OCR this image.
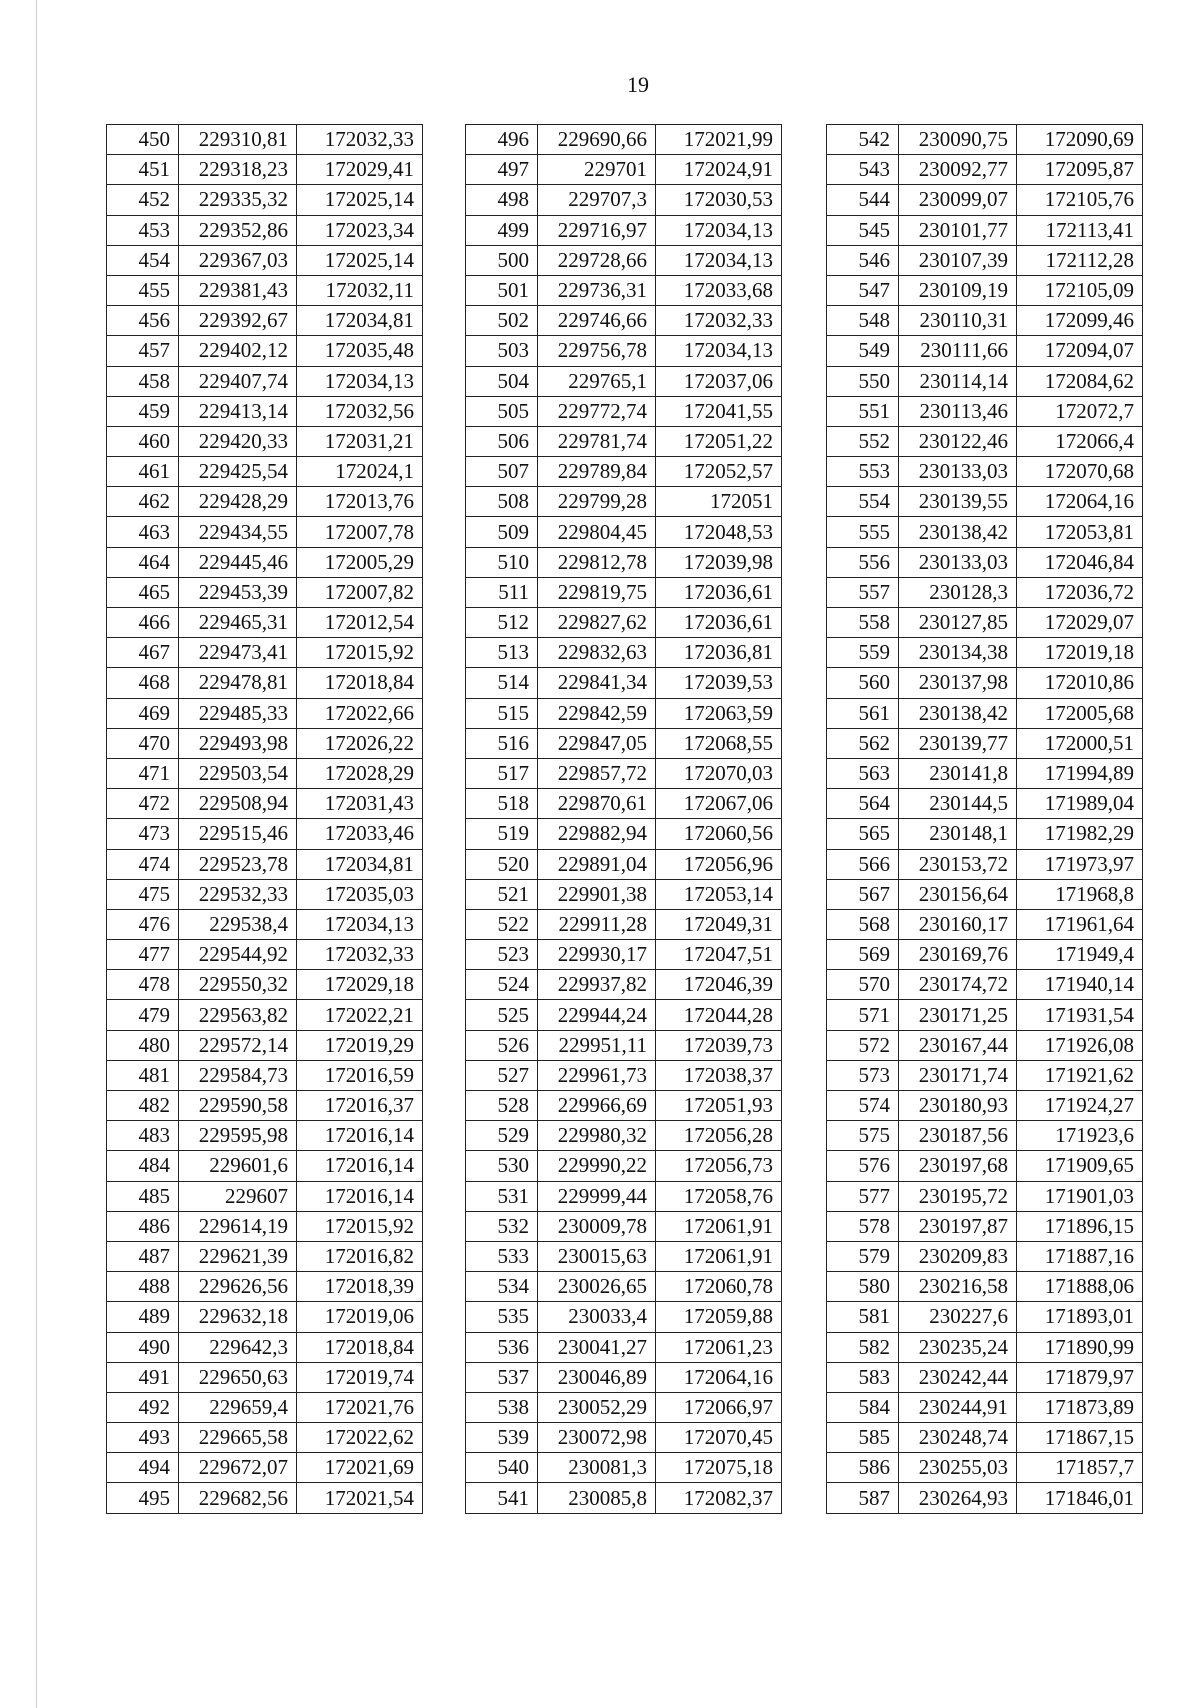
19
450	229310,81	172032,33
451	229318,23	172029,41
452	229335,32	172025,14
453	229352,86	172023,34
454	229367,03	172025,14
455	229381,43	172032,11
456	229392,67	172034,81
457	229402,12	172035,48
458	229407,74	172034,13
459	229413,14	172032,56
460	229420,33	172031,21
461	229425,54	172024,1
462	229428,29	172013,76
463	229434,55	172007,78
464	229445,46	172005,29
465	229453,39	172007,82
466	229465,31	172012,54
467	229473,41	172015,92
468	229478,81	172018,84
469	229485,33	172022,66
470	229493,98	172026,22
471	229503,54	172028,29
472	229508,94	172031,43
473	229515,46	172033,46
474	229523,78	172034,81
475	229532,33	172035,03
476	229538,4	172034,13
477	229544,92	172032,33
478	229550,32	172029,18
479	229563,82	172022,21
480	229572,14	172019,29
481	229584,73	172016,59
482	229590,58	172016,37
483	229595,98	172016,14
484	229601,6	172016,14
485	229607	172016,14
486	229614,19	172015,92
487	229621,39	172016,82
488	229626,56	172018,39
489	229632,18	172019,06
490	229642,3	172018,84
491	229650,63	172019,74
492	229659,4	172021,76
493	229665,58	172022,62
494	229672,07	172021,69
495	229682,56	172021,54
496	229690,66	172021,99
497	229701	172024,91
498	229707,3	172030,53
499	229716,97	172034,13
500	229728,66	172034,13
501	229736,31	172033,68
502	229746,66	172032,33
503	229756,78	172034,13
504	229765,1	172037,06
505	229772,74	172041,55
506	229781,74	172051,22
507	229789,84	172052,57
508	229799,28	172051
509	229804,45	172048,53
510	229812,78	172039,98
511	229819,75	172036,61
512	229827,62	172036,61
513	229832,63	172036,81
514	229841,34	172039,53
515	229842,59	172063,59
516	229847,05	172068,55
517	229857,72	172070,03
518	229870,61	172067,06
519	229882,94	172060,56
520	229891,04	172056,96
521	229901,38	172053,14
522	229911,28	172049,31
523	229930,17	172047,51
524	229937,82	172046,39
525	229944,24	172044,28
526	229951,11	172039,73
527	229961,73	172038,37
528	229966,69	172051,93
529	229980,32	172056,28
530	229990,22	172056,73
531	229999,44	172058,76
532	230009,78	172061,91
533	230015,63	172061,91
534	230026,65	172060,78
535	230033,4	172059,88
536	230041,27	172061,23
537	230046,89	172064,16
538	230052,29	172066,97
539	230072,98	172070,45
540	230081,3	172075,18
541	230085,8	172082,37
542	230090,75	172090,69
543	230092,77	172095,87
544	230099,07	172105,76
545	230101,77	172113,41
546	230107,39	172112,28
547	230109,19	172105,09
548	230110,31	172099,46
549	230111,66	172094,07
550	230114,14	172084,62
551	230113,46	172072,7
552	230122,46	172066,4
553	230133,03	172070,68
554	230139,55	172064,16
555	230138,42	172053,81
556	230133,03	172046,84
557	230128,3	172036,72
558	230127,85	172029,07
559	230134,38	172019,18
560	230137,98	172010,86
561	230138,42	172005,68
562	230139,77	172000,51
563	230141,8	171994,89
564	230144,5	171989,04
565	230148,1	171982,29
566	230153,72	171973,97
567	230156,64	171968,8
568	230160,17	171961,64
569	230169,76	171949,4
570	230174,72	171940,14
571	230171,25	171931,54
572	230167,44	171926,08
573	230171,74	171921,62
574	230180,93	171924,27
575	230187,56	171923,6
576	230197,68	171909,65
577	230195,72	171901,03
578	230197,87	171896,15
579	230209,83	171887,16
580	230216,58	171888,06
581	230227,6	171893,01
582	230235,24	171890,99
583	230242,44	171879,97
584	230244,91	171873,89
585	230248,74	171867,15
586	230255,03	171857,7
587	230264,93	171846,01
